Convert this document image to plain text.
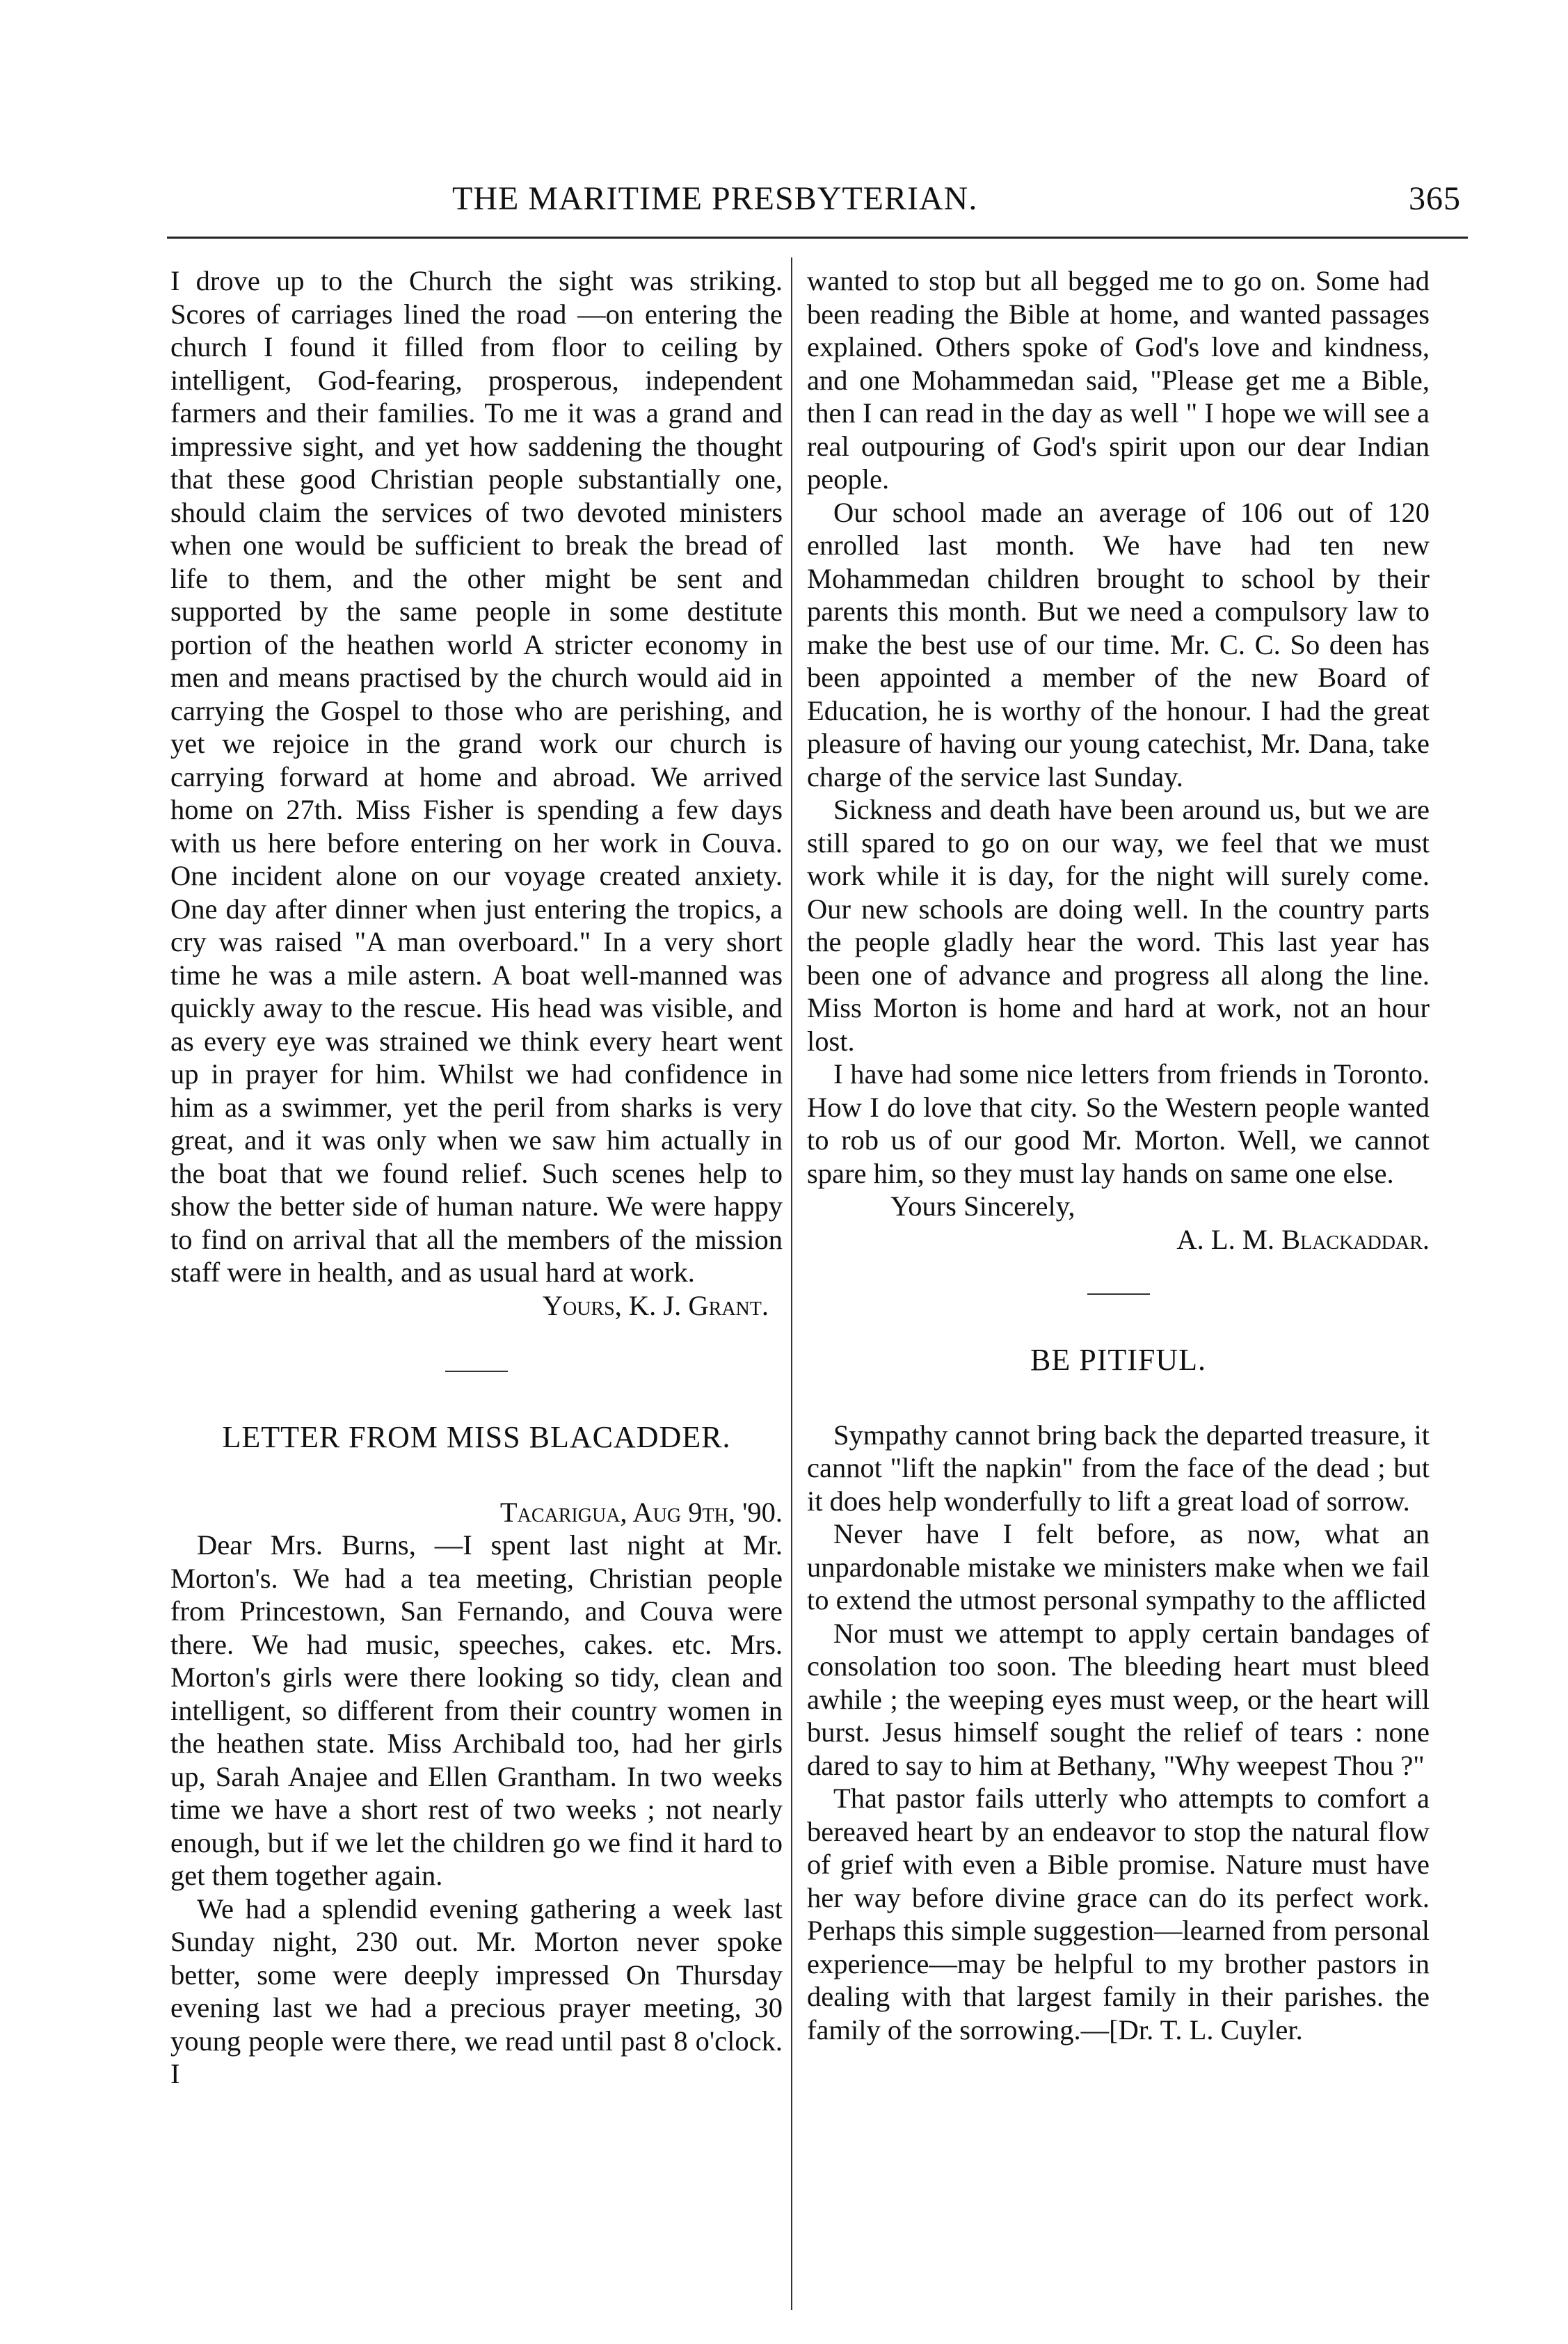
THE MARITIME PRESBYTERIAN.	365

I drove up to the Church the sight was striking. Scores of carriages lined the road —on entering the church I found it filled from floor to ceiling by intelligent, God-fearing, prosperous, independent farmers and their families. To me it was a grand and impressive sight, and yet how saddening the thought that these good Christian people substantially one, should claim the services of two devoted ministers when one would be sufficient to break the bread of life to them, and the other might be sent and supported by the same people in some destitute portion of the heathen world A stricter economy in men and means practised by the church would aid in carrying the Gospel to those who are perishing, and yet we rejoice in the grand work our church is carrying forward at home and abroad. We arrived home on 27th. Miss Fisher is spending a few days with us here before entering on her work in Couva. One incident alone on our voyage created anxiety. One day after dinner when just entering the tropics, a cry was raised "A man overboard." In a very short time he was a mile astern. A boat well-manned was quickly away to the rescue. His head was visible, and as every eye was strained we think every heart went up in prayer for him. Whilst we had confidence in him as a swimmer, yet the peril from sharks is very great, and it was only when we saw him actually in the boat that we found relief. Such scenes help to show the better side of human nature. We were happy to find on arrival that all the members of the mission staff were in health, and as usual hard at work.

Yours, K. J. Grant.

LETTER FROM MISS BLACADDER.

Tacarigua, Aug 9th, '90.

Dear Mrs. Burns, —I spent last night at Mr. Morton's. We had a tea meeting, Christian people from Princestown, San Fernando, and Couva were there. We had music, speeches, cakes. etc. Mrs. Morton's girls were there looking so tidy, clean and intelligent, so different from their country women in the heathen state. Miss Archibald too, had her girls up, Sarah Anajee and Ellen Grantham. In two weeks time we have a short rest of two weeks ; not nearly enough, but if we let the children go we find it hard to get them together again.

We had a splendid evening gathering a week last Sunday night, 230 out. Mr. Morton never spoke better, some were deeply impressed On Thursday evening last we had a precious prayer meeting, 30 young people were there, we read until past 8 o'clock. I

wanted to stop but all begged me to go on. Some had been reading the Bible at home, and wanted passages explained. Others spoke of God's love and kindness, and one Mohammedan said, "Please get me a Bible, then I can read in the day as well " I hope we will see a real outpouring of God's spirit upon our dear Indian people.

Our school made an average of 106 out of 120 enrolled last month. We have had ten new Mohammedan children brought to school by their parents this month. But we need a compulsory law to make the best use of our time. Mr. C. C. So deen has been appointed a member of the new Board of Education, he is worthy of the honour. I had the great pleasure of having our young catechist, Mr. Dana, take charge of the service last Sunday.

Sickness and death have been around us, but we are still spared to go on our way, we feel that we must work while it is day, for the night will surely come. Our new schools are doing well. In the country parts the people gladly hear the word. This last year has been one of advance and progress all along the line. Miss Morton is home and hard at work, not an hour lost.

I have had some nice letters from friends in Toronto. How I do love that city. So the Western people wanted to rob us of our good Mr. Morton. Well, we cannot spare him, so they must lay hands on same one else.

Yours Sincerely,

A. L. M. Blackaddar.

BE PITIFUL.

Sympathy cannot bring back the departed treasure, it cannot "lift the napkin" from the face of the dead ; but it does help wonderfully to lift a great load of sorrow.

Never have I felt before, as now, what an unpardonable mistake we ministers make when we fail to extend the utmost personal sympathy to the afflicted

Nor must we attempt to apply certain bandages of consolation too soon. The bleeding heart must bleed awhile ; the weeping eyes must weep, or the heart will burst. Jesus himself sought the relief of tears : none dared to say to him at Bethany, "Why weepest Thou ?"

That pastor fails utterly who attempts to comfort a bereaved heart by an endeavor to stop the natural flow of grief with even a Bible promise. Nature must have her way before divine grace can do its perfect work. Perhaps this simple suggestion—learned from personal experience—may be helpful to my brother pastors in dealing with that largest family in their parishes. the family of the sorrowing.—[Dr. T. L. Cuyler.
